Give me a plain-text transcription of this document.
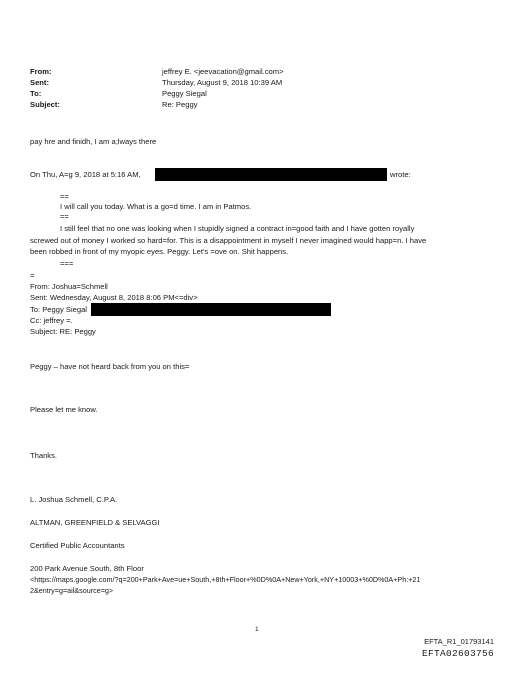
From:	jeffrey E. <jeevacation@gmail.com>
Sent:	Thursday, August 9, 2018 10:39 AM
To:	Peggy Siegal
Subject:	Re: Peggy
pay hre and finidh, I am a;lways there
On Thu, A=g 9, 2018 at 5:16 AM,	wrote:
==
I will call you today. What is a go=d time. I am in Patmos.
==
I still feel that no one was looking when I stupidly signed a contract in=good faith and I have gotten royally
screwed out of money I worked so hard=for. This is a disappointment in myself I never imagined would happ=n. I have
been robbed in front of my myopic eyes. Peggy. Let's =ove on. Shit happens.
===
=
From: Joshua=Schmell
Sent: Wednesday, August 8, 2018 8:06 PM<=div>
To: Peggy Siegal
Cc: jeffrey =.
Subject: RE: Peggy
Peggy – have not heard back from you on this=
Please let me know.
Thanks.
L. Joshua Schmell, C.P.A.
ALTMAN, GREENFIELD & SELVAGGI
Certified Public Accountants
200 Park Avenue South, 8th Floor
<https://maps.google.com/?q=200+Park+Ave=ue+South,+8th+Floor+%0D%0A+New+York,+NY+10003+%0D%0A+Ph:+21
2&entry=g=ail&source=g>
1
EFTA_R1_01793141
EFTA02603756
